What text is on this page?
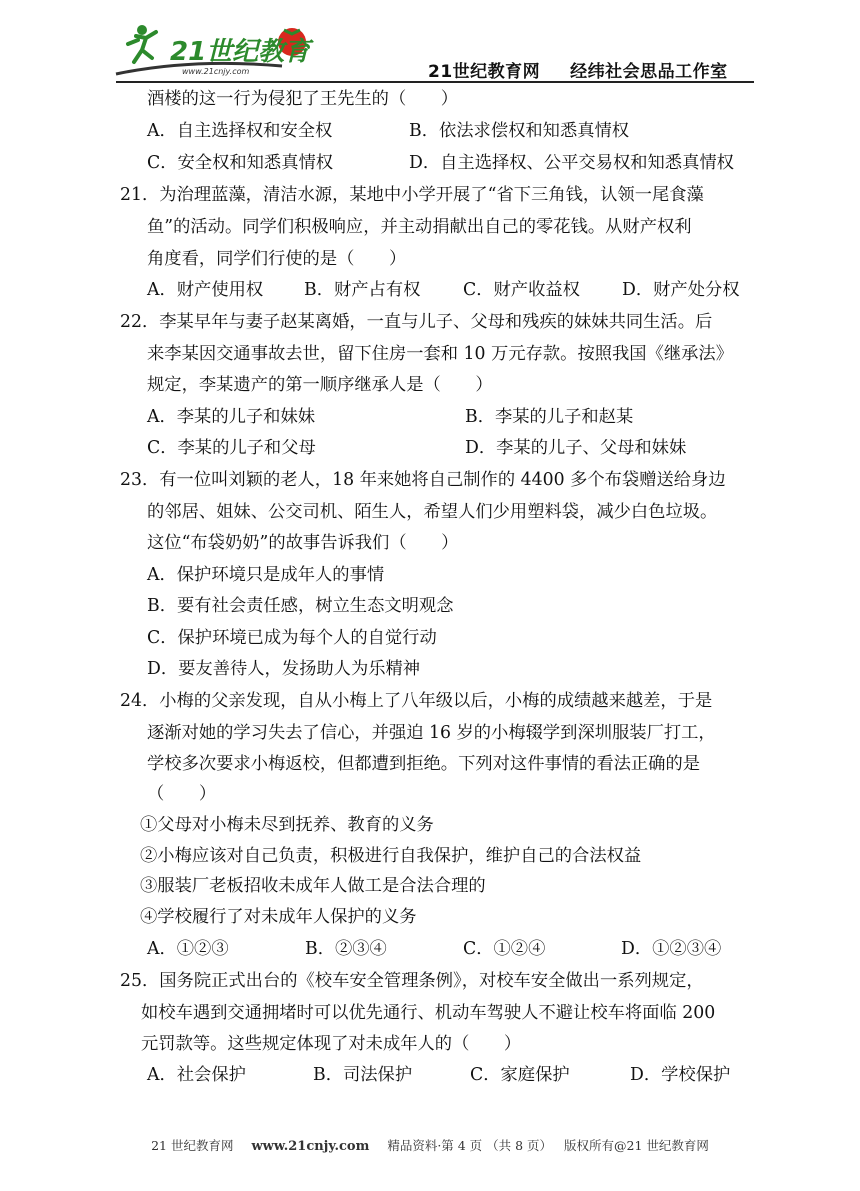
21世纪教育
www.21cnjy.com	21世纪教育网 经纬社会思品工作室
酒楼的这一行为侵犯了王先生的（　　）
A．自主选择权和安全权	B．依法求偿权和知悉真情权
C．安全权和知悉真情权	D．自主选择权、公平交易权和知悉真情权
21．为治理蓝藻，清洁水源，某地中小学开展了“省下三角钱，认领一尾食藻
鱼”的活动。同学们积极响应，并主动捐献出自己的零花钱。从财产权利
角度看，同学们行使的是（　　）
A．财产使用权	B．财产占有权	C．财产收益权	D．财产处分权
22．李某早年与妻子赵某离婚，一直与儿子、父母和残疾的妹妹共同生活。后
来李某因交通事故去世，留下住房一套和 10 万元存款。按照我国《继承法》
规定，李某遗产的第一顺序继承人是（　　）
A．李某的儿子和妹妹	B．李某的儿子和赵某
C．李某的儿子和父母	D．李某的儿子、父母和妹妹
23．有一位叫刘颖的老人，18 年来她将自己制作的 4400 多个布袋赠送给身边
的邻居、姐妹、公交司机、陌生人，希望人们少用塑料袋，减少白色垃圾。
这位“布袋奶奶”的故事告诉我们（　　）
A．保护环境只是成年人的事情
B．要有社会责任感，树立生态文明观念
C．保护环境已成为每个人的自觉行动
D．要友善待人，发扬助人为乐精神
24．小梅的父亲发现，自从小梅上了八年级以后，小梅的成绩越来越差，于是
逐渐对她的学习失去了信心，并强迫 16 岁的小梅辍学到深圳服装厂打工，
学校多次要求小梅返校，但都遭到拒绝。下列对这件事情的看法正确的是
（　　）
①父母对小梅未尽到抚养、教育的义务
②小梅应该对自己负责，积极进行自我保护，维护自己的合法权益
③服装厂老板招收未成年人做工是合法合理的
④学校履行了对未成年人保护的义务
A．①②③	B．②③④	C．①②④	D．①②③④
25．国务院正式出台的《校车安全管理条例》，对校车安全做出一系列规定，
如校车遇到交通拥堵时可以优先通行、机动车驾驶人不避让校车将面临 200
元罚款等。这些规定体现了对未成年人的（　　）
A．社会保护	B．司法保护	C．家庭保护	D．学校保护
21 世纪教育网 www.21cnjy.com 精品资料·第 4 页 （共 8 页） 版权所有@21 世纪教育网
